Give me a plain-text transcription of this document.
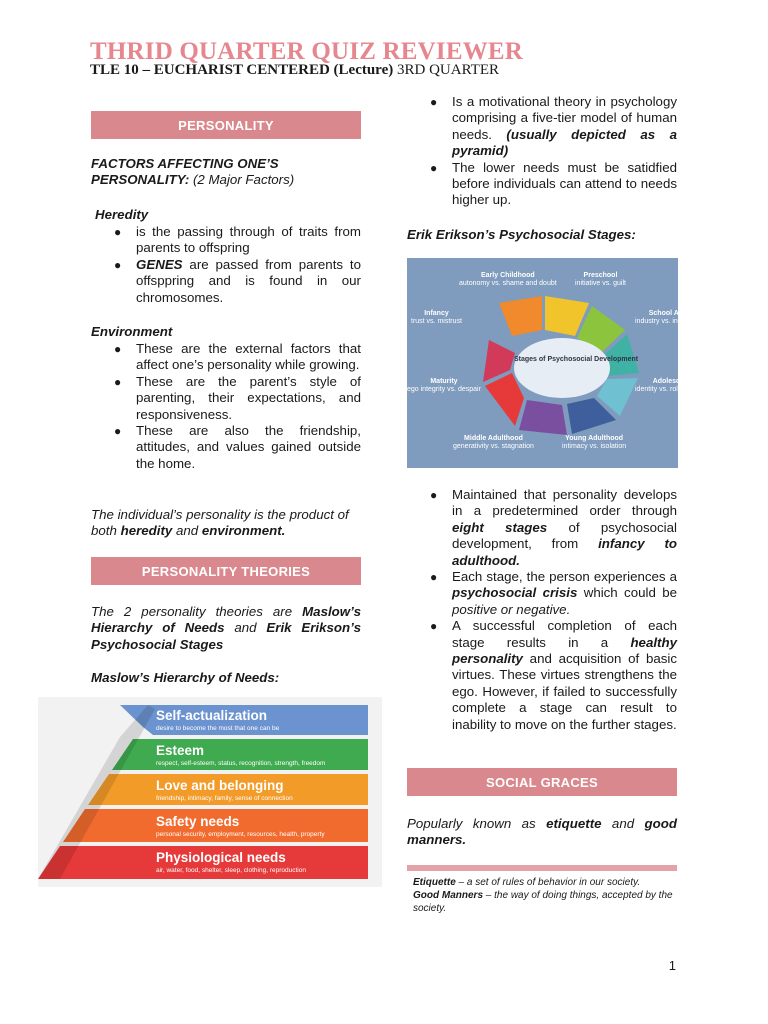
THRID QUARTER QUIZ REVIEWER
TLE 10 – EUCHARIST CENTERED (Lecture) 3RD QUARTER
PERSONALITY
FACTORS AFFECTING ONE’S PERSONALITY: (2 Major Factors)
Heredity
● is the passing through of traits from parents to offspring
● GENES are passed from parents to offsppring and is found in our chromosomes.
Environment
● These are the external factors that affect one’s personality while growing.
● These are the parent’s style of parenting, their expectations, and responsiveness.
● These are also the friendship, attitudes, and values gained outside the home.
The individual’s personality is the product of both heredity and environment.
PERSONALITY THEORIES
The 2 personality theories are Maslow’s Hierarchy of Needs and Erik Erikson’s Psychosocial Stages
Maslow’s Hierarchy of Needs:
Self-actualization
desire to become the most that one can be
Esteem
respect, self-esteem, status, recognition, strength, freedom
Love and belonging
friendship, intimacy, family, sense of connection
Safety needs
personal security, employment, resources, health, property
Physiological needs
air, water, food, shelter, sleep, clothing, reproduction
● Is a motivational theory in psychology comprising a five-tier model of human needs. (usually depicted as a pyramid)
● The lower needs must be satidfied before individuals can attend to needs higher up.
Erik Erikson’s Psychosocial Stages:
Stages of Psychosocial Development
Early Childhood
autonomy vs. shame and doubt
Preschool
initiative vs. guilt
School Age
industry vs. inferiority
Adolescence
identity vs. role confusion
Young Adulthood
intimacy vs. isolation
Middle Adulthood
generativity vs. stagnation
Maturity
ego integrity vs. despair
Infancy
trust vs. mistrust
● Maintained that personality develops in a predetermined order through eight stages of psychosocial development, from infancy to adulthood.
● Each stage, the person experiences a psychosocial crisis which could be positive or negative.
● A successful completion of each stage results in a healthy personality and acquisition of basic virtues. These virtues strengthens the ego. However, if failed to successfully complete a stage can result to inability to move on the further stages.
SOCIAL GRACES
Popularly known as etiquette and good manners.
Etiquette – a set of rules of behavior in our society.
Good Manners – the way of doing things, accepted by the society.
1
